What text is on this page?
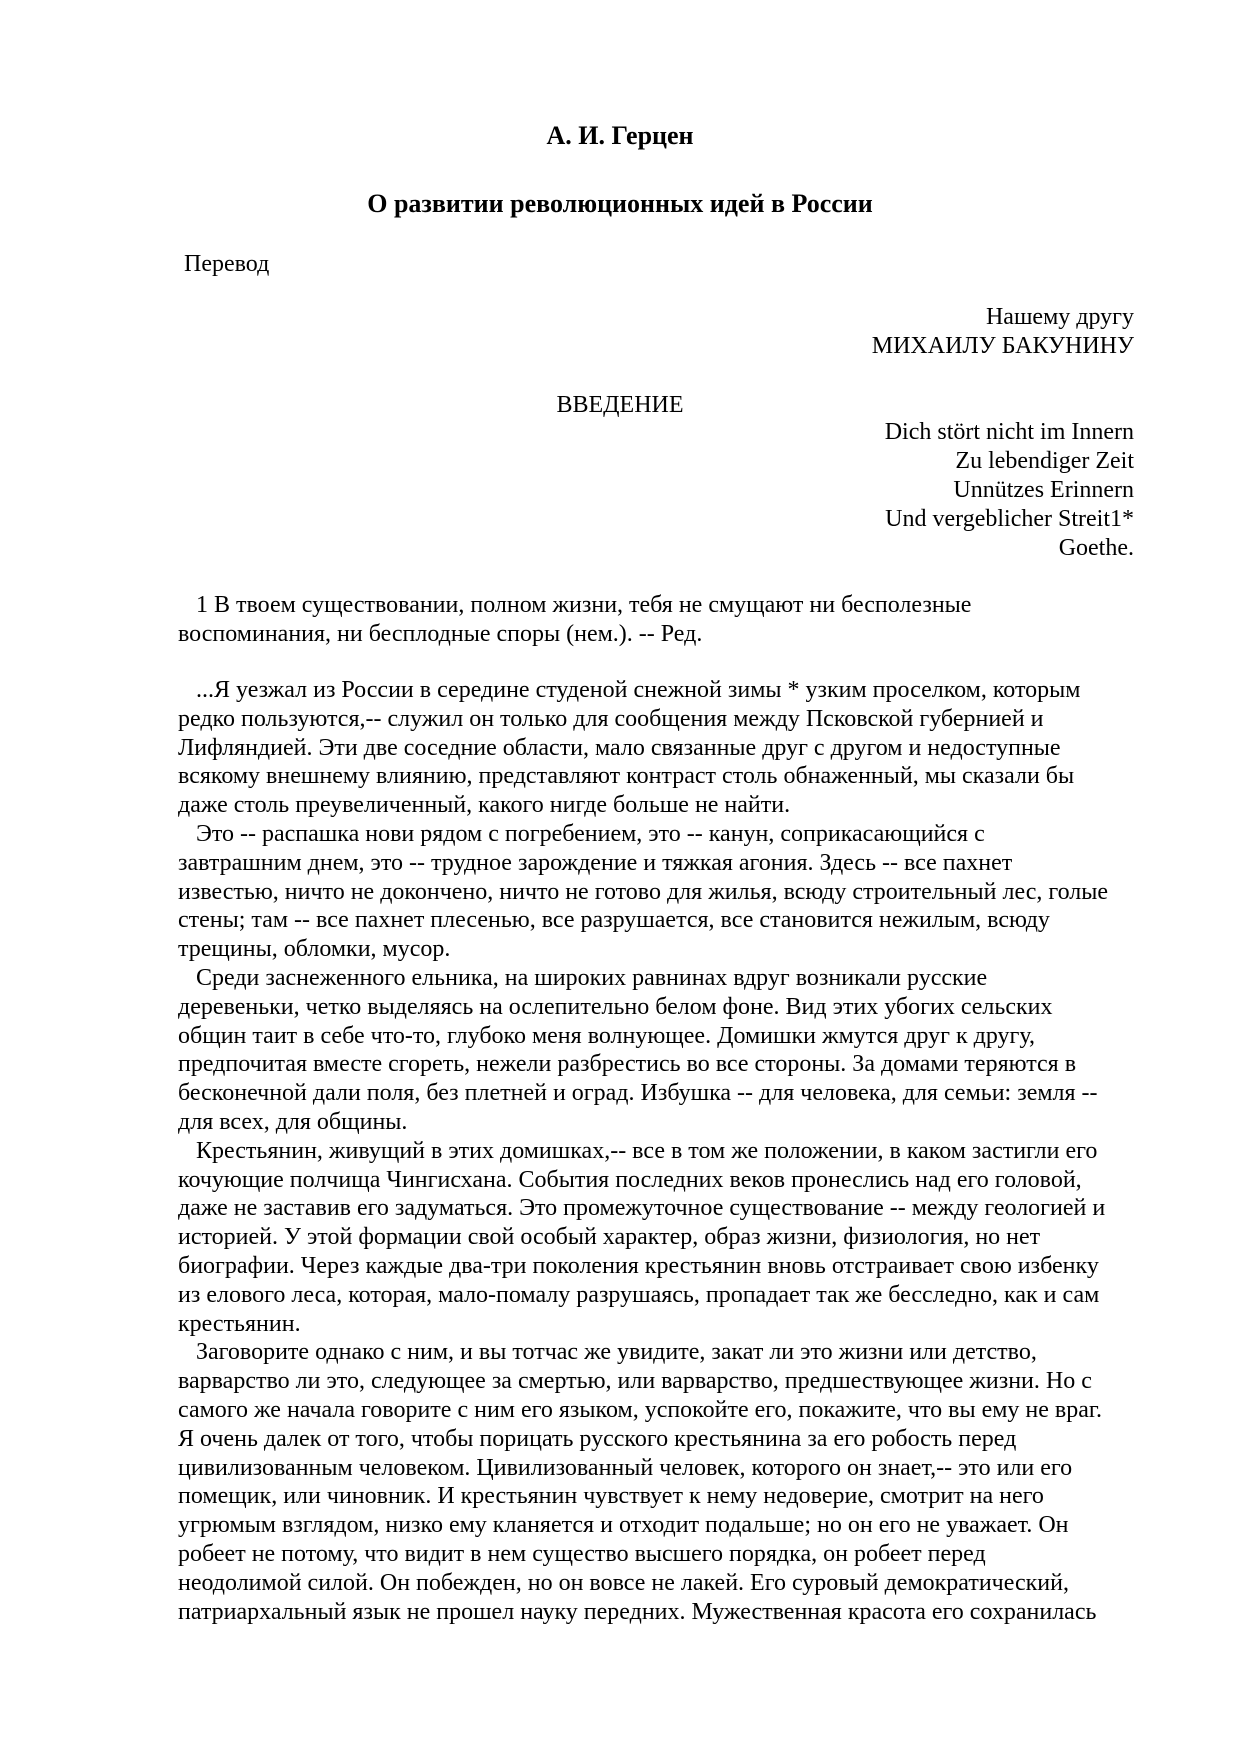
А. И. Герцен
О развитии революционных идей в России
Перевод
Нашему другу
МИХАИЛУ БАКУНИНУ
ВВЕДЕНИЕ
Dich stört nicht im Innern
Zu lebendiger Zeit
Unnützes Erinnern
Und vergeblicher Streit1*
Goethe.
1 В твоем существовании, полном жизни, тебя не смущают ни бесполезные
воспоминания, ни бесплодные споры (нем.). -- Ред.
...Я уезжал из России в середине студеной снежной зимы * узким проселком, которым
редко пользуются,-- служил он только для сообщения между Псковской губернией и
Лифляндией. Эти две соседние области, мало связанные друг с другом и недоступные
всякому внешнему влиянию, представляют контраст столь обнаженный, мы сказали бы
даже столь преувеличенный, какого нигде больше не найти.
Это -- распашка нови рядом с погребением, это -- канун, соприкасающийся с
завтрашним днем, это -- трудное зарождение и тяжкая агония. Здесь -- все пахнет
известью, ничто не докончено, ничто не готово для жилья, всюду строительный лес, голые
стены; там -- все пахнет плесенью, все разрушается, все становится нежилым, всюду
трещины, обломки, мусор.
Среди заснеженного ельника, на широких равнинах вдруг возникали русские
деревеньки, четко выделяясь на ослепительно белом фоне. Вид этих убогих сельских
общин таит в себе что-то, глубоко меня волнующее. Домишки жмутся друг к другу,
предпочитая вместе сгореть, нежели разбрестись во все стороны. За домами теряются в
бесконечной дали поля, без плетней и оград. Избушка -- для человека, для семьи: земля --
для всех, для общины.
Крестьянин, живущий в этих домишках,-- все в том же положении, в каком застигли его
кочующие полчища Чингисхана. События последних веков пронеслись над его головой,
даже не заставив его задуматься. Это промежуточное существование -- между геологией и
историей. У этой формации свой особый характер, образ жизни, физиология, но нет
биографии. Через каждые два-три поколения крестьянин вновь отстраивает свою избенку
из елового леса, которая, мало-помалу разрушаясь, пропадает так же бесследно, как и сам
крестьянин.
Заговорите однако с ним, и вы тотчас же увидите, закат ли это жизни или детство,
варварство ли это, следующее за смертью, или варварство, предшествующее жизни. Но с
самого же начала говорите с ним его языком, успокойте его, покажите, что вы ему не враг.
Я очень далек от того, чтобы порицать русского крестьянина за его робость перед
цивилизованным человеком. Цивилизованный человек, которого он знает,-- это или его
помещик, или чиновник. И крестьянин чувствует к нему недоверие, смотрит на него
угрюмым взглядом, низко ему кланяется и отходит подальше; но он его не уважает. Он
робеет не потому, что видит в нем существо высшего порядка, он робеет перед
неодолимой силой. Он побежден, но он вовсе не лакей. Его суровый демократический,
патриархальный язык не прошел науку передних. Мужественная красота его сохранилась
